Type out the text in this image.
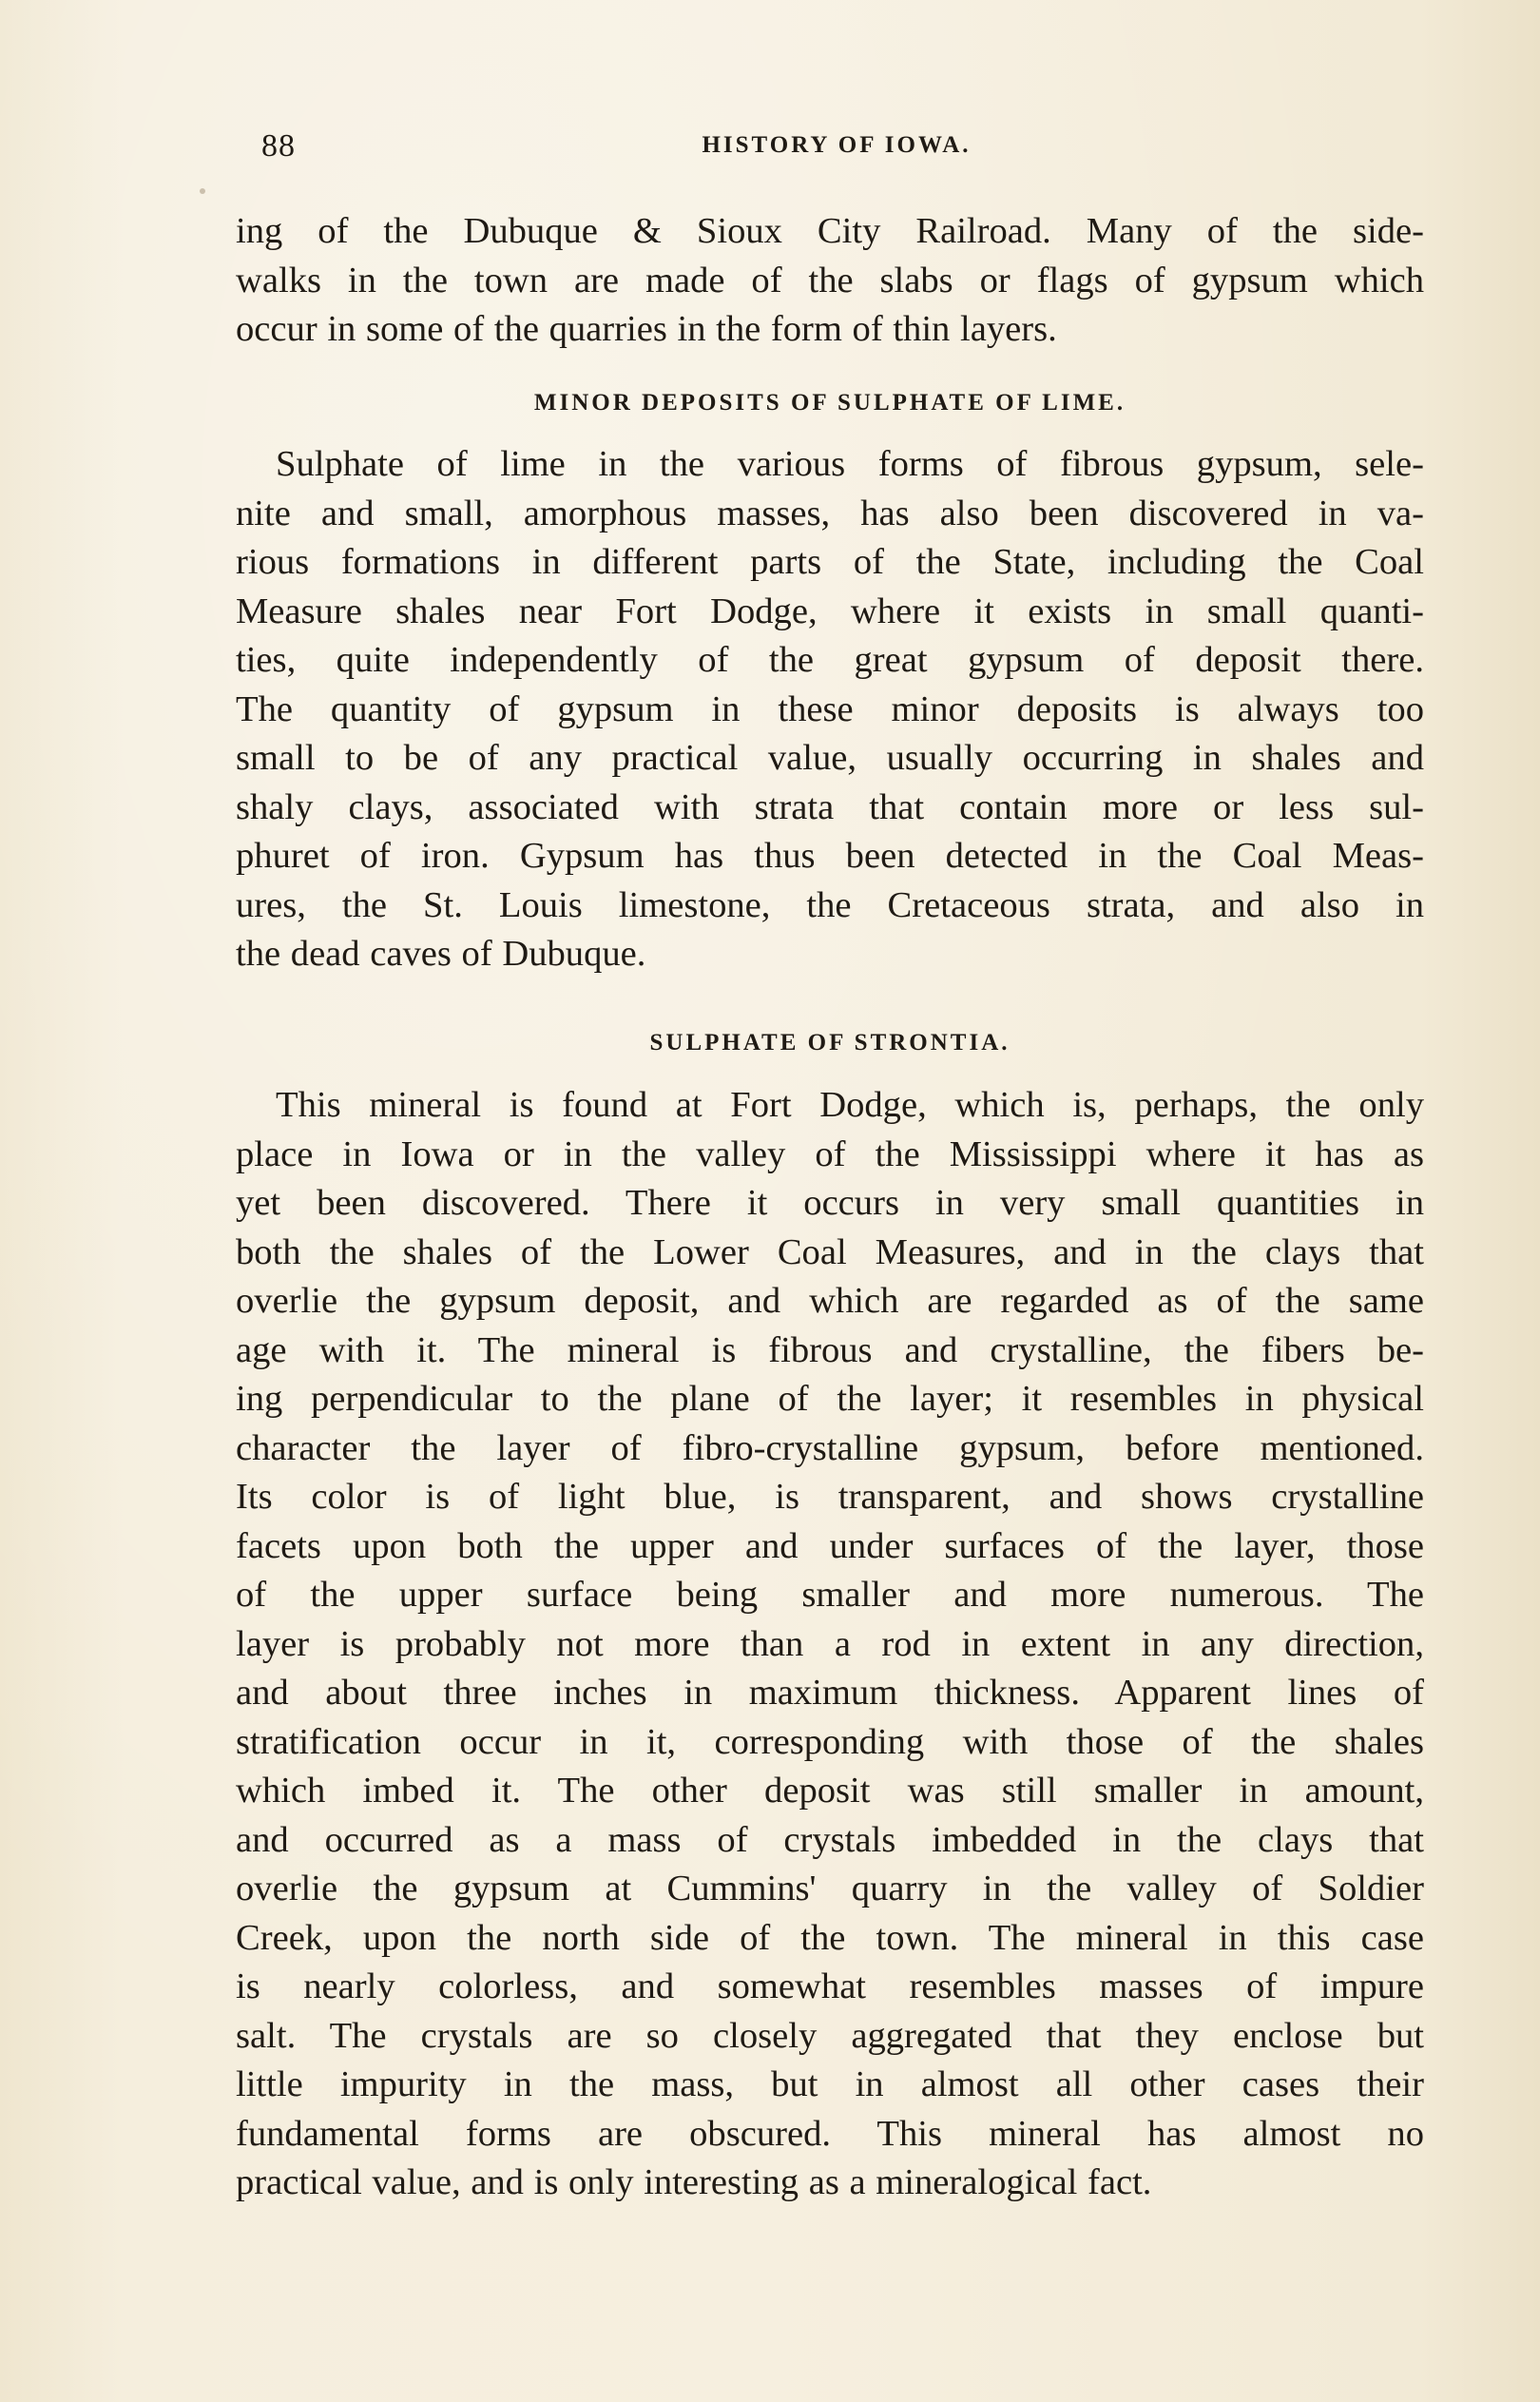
88	HISTORY OF IOWA.

ing of the Dubuque & Sioux City Railroad. Many of the side-
walks in the town are made of the slabs or flags of gypsum which
occur in some of the quarries in the form of thin layers.

MINOR DEPOSITS OF SULPHATE OF LIME.

Sulphate of lime in the various forms of fibrous gypsum, sele-
nite and small, amorphous masses, has also been discovered in va-
rious formations in different parts of the State, including the Coal
Measure shales near Fort Dodge, where it exists in small quanti-
ties, quite independently of the great gypsum of deposit there.
The quantity of gypsum in these minor deposits is always too
small to be of any practical value, usually occurring in shales and
shaly clays, associated with strata that contain more or less sul-
phuret of iron. Gypsum has thus been detected in the Coal Meas-
ures, the St. Louis limestone, the Cretaceous strata, and also in
the dead caves of Dubuque.

SULPHATE OF STRONTIA.

This mineral is found at Fort Dodge, which is, perhaps, the only
place in Iowa or in the valley of the Mississippi where it has as
yet been discovered. There it occurs in very small quantities in
both the shales of the Lower Coal Measures, and in the clays that
overlie the gypsum deposit, and which are regarded as of the same
age with it. The mineral is fibrous and crystalline, the fibers be-
ing perpendicular to the plane of the layer; it resembles in physical
character the layer of fibro-crystalline gypsum, before mentioned.
Its color is of light blue, is transparent, and shows crystalline
facets upon both the upper and under surfaces of the layer, those
of the upper surface being smaller and more numerous. The
layer is probably not more than a rod in extent in any direction,
and about three inches in maximum thickness. Apparent lines of
stratification occur in it, corresponding with those of the shales
which imbed it. The other deposit was still smaller in amount,
and occurred as a mass of crystals imbedded in the clays that
overlie the gypsum at Cummins' quarry in the valley of Soldier
Creek, upon the north side of the town. The mineral in this case
is nearly colorless, and somewhat resembles masses of impure
salt. The crystals are so closely aggregated that they enclose but
little impurity in the mass, but in almost all other cases their
fundamental forms are obscured. This mineral has almost no
practical value, and is only interesting as a mineralogical fact.
